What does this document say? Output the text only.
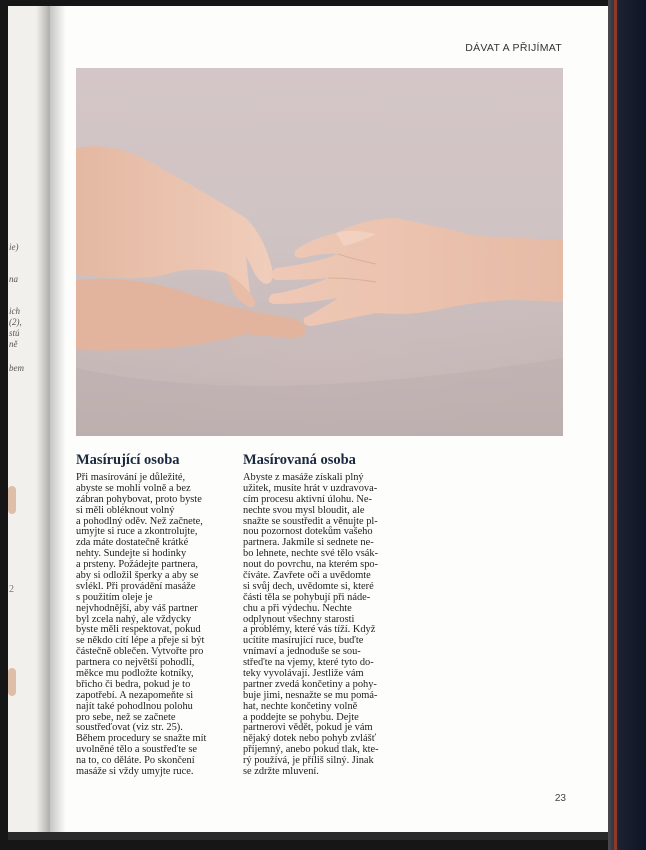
ie)
na
ich
(2),
stú
ně
bem
2
DÁVAT A PŘIJÍMAT
Masírující osoba
Při masírování je důležité,
abyste se mohli volně a bez
zábran pohybovat, proto byste
si měli obléknout volný
a pohodlný oděv. Než začnete,
umyjte si ruce a zkontrolujte,
zda máte dostatečně krátké
nehty. Sundejte si hodinky
a prsteny. Požádejte partnera,
aby si odložil šperky a aby se
svlékl. Při provádění masáže
s použitím oleje je
nejvhodnější, aby váš partner
byl zcela nahý, ale vždycky
byste měli respektovat, pokud
se někdo cítí lépe a přeje si být
částečně oblečen. Vytvořte pro
partnera co největší pohodlí,
měkce mu podložte kotníky,
břicho či bedra, pokud je to
zapotřebí. A nezapomeňte si
najít také pohodlnou polohu
pro sebe, než se začnete
soustřeďovat (viz str. 25).
Během procedury se snažte mít
uvolněné tělo a soustřeďte se
na to, co děláte. Po skončení
masáže si vždy umyjte ruce.
Masírovaná osoba
Abyste z masáže získali plný
užitek, musíte hrát v uzdravova-
cím procesu aktivní úlohu. Ne-
nechte svou mysl bloudit, ale
snažte se soustředit a věnujte pl-
nou pozornost dotekům vašeho
partnera. Jakmile si sednete ne-
bo lehnete, nechte své tělo vsák-
nout do povrchu, na kterém spo-
číváte. Zavřete oči a uvědomte
si svůj dech, uvědomte si, které
části těla se pohybují při náde-
chu a při výdechu. Nechte
odplynout všechny starosti
a problémy, které vás tíží. Když
ucítíte masírující ruce, buďte
vnímaví a jednoduše se sou-
střeďte na vjemy, které tyto do-
teky vyvolávají. Jestliže vám
partner zvedá končetiny a pohy-
buje jimi, nesnažte se mu pomá-
hat, nechte končetiny volně
a poddejte se pohybu. Dejte
partnerovi vědět, pokud je vám
nějaký dotek nebo pohyb zvlášť
příjemný, anebo pokud tlak, kte-
rý používá, je příliš silný. Jinak
se zdržte mluvení.
23
